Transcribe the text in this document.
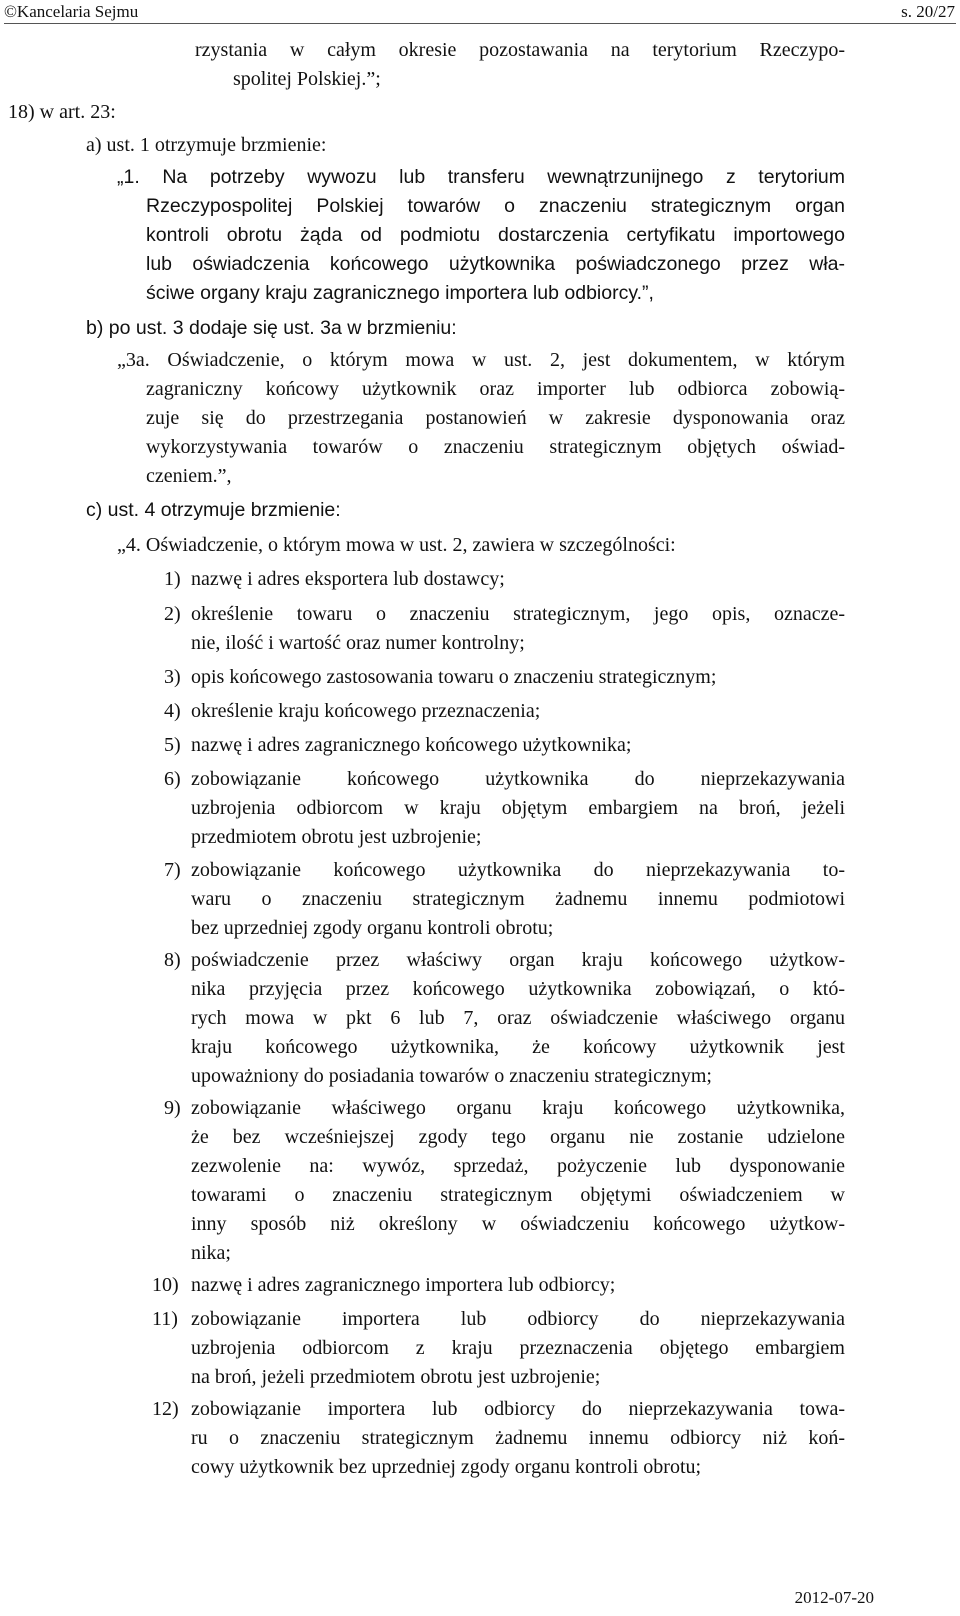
©Kancelaria Sejmu	s. 20/27
rzystania w całym okresie pozostawania na terytorium Rzeczypo-
spolitej Polskiej.”;
18) w art. 23:
a) ust. 1 otrzymuje brzmienie:
„1. Na potrzeby wywozu lub transferu wewnątrzunijnego z terytorium
Rzeczypospolitej Polskiej towarów o znaczeniu strategicznym organ
kontroli obrotu żąda od podmiotu dostarczenia certyfikatu importowego
lub oświadczenia końcowego użytkownika poświadczonego przez wła-
ściwe organy kraju zagranicznego importera lub odbiorcy.”,
b) po ust. 3 dodaje się ust. 3a w brzmieniu:
„3a. Oświadczenie, o którym mowa w ust. 2, jest dokumentem, w którym
zagraniczny końcowy użytkownik oraz importer lub odbiorca zobowią-
zuje się do przestrzegania postanowień w zakresie dysponowania oraz
wykorzystywania towarów o znaczeniu strategicznym objętych oświad-
czeniem.”,
c) ust. 4 otrzymuje brzmienie:
„4. Oświadczenie, o którym mowa w ust. 2, zawiera w szczególności:
1) nazwę i adres eksportera lub dostawcy;
2) określenie towaru o znaczeniu strategicznym, jego opis, oznacze-
nie, ilość i wartość oraz numer kontrolny;
3) opis końcowego zastosowania towaru o znaczeniu strategicznym;
4) określenie kraju końcowego przeznaczenia;
5) nazwę i adres zagranicznego końcowego użytkownika;
6) zobowiązanie końcowego użytkownika do nieprzekazywania
uzbrojenia odbiorcom w kraju objętym embargiem na broń, jeżeli
przedmiotem obrotu jest uzbrojenie;
7) zobowiązanie końcowego użytkownika do nieprzekazywania to-
waru o znaczeniu strategicznym żadnemu innemu podmiotowi
bez uprzedniej zgody organu kontroli obrotu;
8) poświadczenie przez właściwy organ kraju końcowego użytkow-
nika przyjęcia przez końcowego użytkownika zobowiązań, o któ-
rych mowa w pkt 6 lub 7, oraz oświadczenie właściwego organu
kraju końcowego użytkownika, że końcowy użytkownik jest
upoważniony do posiadania towarów o znaczeniu strategicznym;
9) zobowiązanie właściwego organu kraju końcowego użytkownika,
że bez wcześniejszej zgody tego organu nie zostanie udzielone
zezwolenie na: wywóz, sprzedaż, pożyczenie lub dysponowanie
towarami o znaczeniu strategicznym objętymi oświadczeniem w
inny sposób niż określony w oświadczeniu końcowego użytkow-
nika;
10) nazwę i adres zagranicznego importera lub odbiorcy;
11) zobowiązanie importera lub odbiorcy do nieprzekazywania
uzbrojenia odbiorcom z kraju przeznaczenia objętego embargiem
na broń, jeżeli przedmiotem obrotu jest uzbrojenie;
12) zobowiązanie importera lub odbiorcy do nieprzekazywania towa-
ru o znaczeniu strategicznym żadnemu innemu odbiorcy niż koń-
cowy użytkownik bez uprzedniej zgody organu kontroli obrotu;
2012-07-20
